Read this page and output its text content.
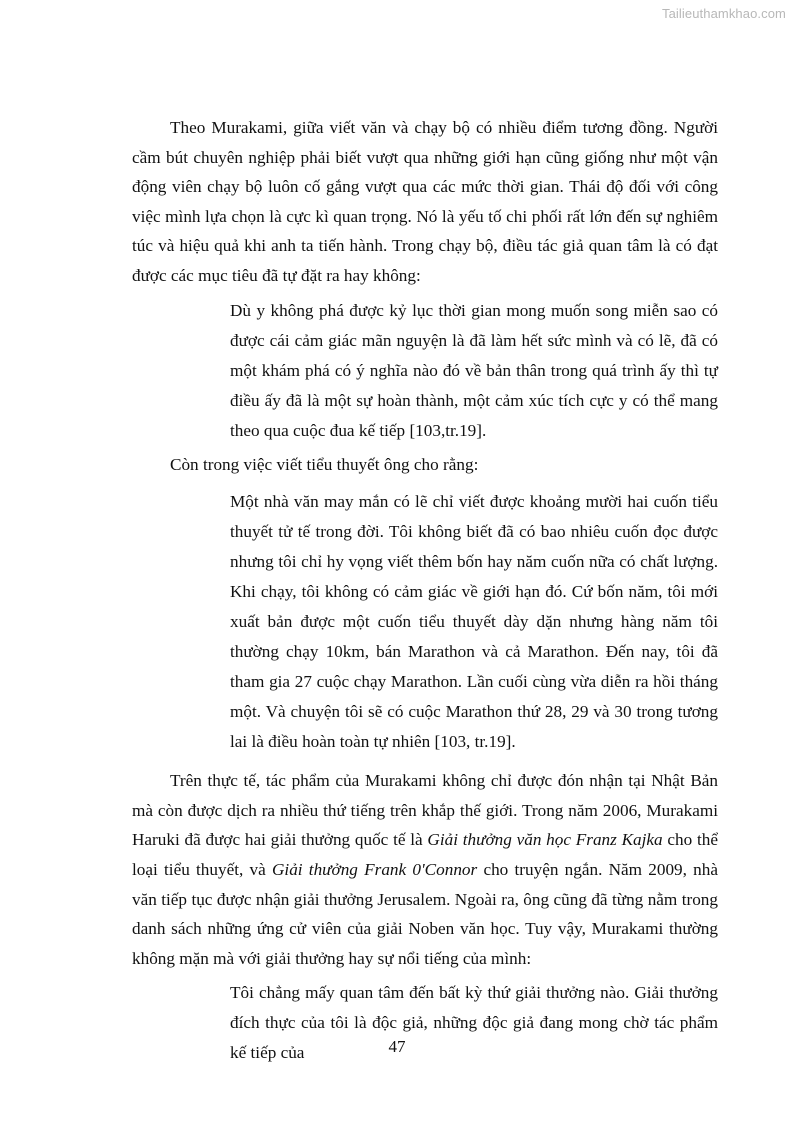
Tailieuthamkhao.com

Theo Murakami, giữa viết văn và chạy bộ có nhiều điểm tương đồng. Người cầm bút chuyên nghiệp phải biết vượt qua những giới hạn cũng giống như một vận động viên chạy bộ luôn cố gắng vượt qua các mức thời gian. Thái độ đối với công việc mình lựa chọn là cực kì quan trọng. Nó là yếu tố chi phối rất lớn đến sự nghiêm túc và hiệu quả khi anh ta tiến hành. Trong chạy bộ, điều tác giả quan tâm là có đạt được các mục tiêu đã tự đặt ra hay không:

Dù y không phá được kỷ lục thời gian mong muốn song miễn sao có được cái cảm giác mãn nguyện là đã làm hết sức mình và có lẽ, đã có một khám phá có ý nghĩa nào đó về bản thân trong quá trình ấy thì tự điều ấy đã là một sự hoàn thành, một cảm xúc tích cực y có thể mang theo qua cuộc đua kế tiếp [103,tr.19].

Còn trong việc viết tiểu thuyết ông cho rằng:

Một nhà văn may mắn có lẽ chỉ viết được khoảng mười hai cuốn tiểu thuyết tử tế trong đời. Tôi không biết đã có bao nhiêu cuốn đọc được nhưng tôi chỉ hy vọng viết thêm bốn hay năm cuốn nữa có chất lượng. Khi chạy, tôi không có cảm giác về giới hạn đó. Cứ bốn năm, tôi mới xuất bản được một cuốn tiểu thuyết dày dặn nhưng hàng năm tôi thường chạy 10km, bán Marathon và cả Marathon. Đến nay, tôi đã tham gia 27 cuộc chạy Marathon. Lần cuối cùng vừa diễn ra hồi tháng một. Và chuyện tôi sẽ có cuộc Marathon thứ 28, 29 và 30 trong tương lai là điều hoàn toàn tự nhiên [103, tr.19].

Trên thực tế, tác phẩm của Murakami không chỉ được đón nhận tại Nhật Bản mà còn được dịch ra nhiều thứ tiếng trên khắp thế giới. Trong năm 2006, Murakami Haruki đã được hai giải thưởng quốc tế là Giải thưởng văn học Franz Kajka cho thể loại tiểu thuyết, và Giải thưởng Frank 0'Connor cho truyện ngắn. Năm 2009, nhà văn tiếp tục được nhận giải thưởng Jerusalem. Ngoài ra, ông cũng đã từng nằm trong danh sách những ứng cử viên của giải Noben văn học. Tuy vậy, Murakami thường không mặn mà với giải thưởng hay sự nổi tiếng của mình:

Tôi chẳng mấy quan tâm đến bất kỳ thứ giải thưởng nào. Giải thưởng đích thực của tôi là độc giả, những độc giả đang mong chờ tác phẩm kế tiếp của	47
